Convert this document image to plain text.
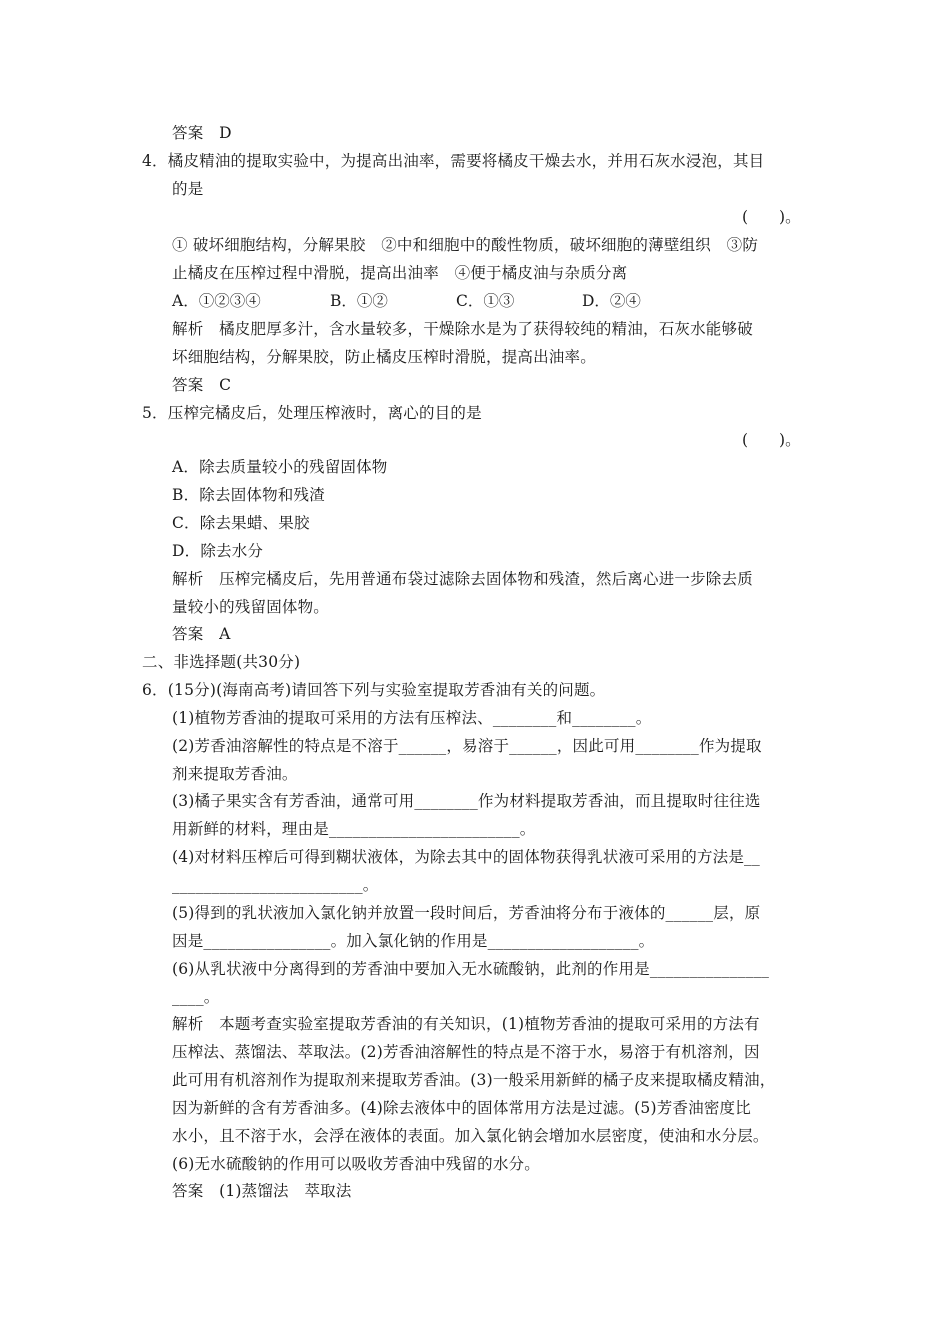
答案　D
4．橘皮精油的提取实验中，为提高出油率，需要将橘皮干燥去水，并用石灰水浸泡，其目
的是
(　　)。
① 破坏细胞结构，分解果胶　②中和细胞中的酸性物质，破坏细胞的薄壁组织　③防
止橘皮在压榨过程中滑脱，提高出油率　④便于橘皮油与杂质分离
A．①②③④	B．①②	C．①③	D．②④
解析　橘皮肥厚多汁，含水量较多，干燥除水是为了获得较纯的精油，石灰水能够破
坏细胞结构，分解果胶，防止橘皮压榨时滑脱，提高出油率。
答案　C
5．压榨完橘皮后，处理压榨液时，离心的目的是
(　　)。
A．除去质量较小的残留固体物
B．除去固体物和残渣
C．除去果蜡、果胶
D．除去水分
解析　压榨完橘皮后，先用普通布袋过滤除去固体物和残渣，然后离心进一步除去质
量较小的残留固体物。
答案　A
二、非选择题(共30分)
6．(15分)(海南高考)请回答下列与实验室提取芳香油有关的问题。
(1)植物芳香油的提取可采用的方法有压榨法、________和________。
(2)芳香油溶解性的特点是不溶于______，易溶于______，因此可用________作为提取
剂来提取芳香油。
(3)橘子果实含有芳香油，通常可用________作为材料提取芳香油，而且提取时往往选
用新鲜的材料，理由是________________________。
(4)对材料压榨后可得到糊状液体，为除去其中的固体物获得乳状液可采用的方法是__
________________________。
(5)得到的乳状液加入氯化钠并放置一段时间后，芳香油将分布于液体的______层，原
因是________________。加入氯化钠的作用是___________________。
(6)从乳状液中分离得到的芳香油中要加入无水硫酸钠，此剂的作用是_______________
____。
解析　本题考查实验室提取芳香油的有关知识，(1)植物芳香油的提取可采用的方法有
压榨法、蒸馏法、萃取法。(2)芳香油溶解性的特点是不溶于水，易溶于有机溶剂，因
此可用有机溶剂作为提取剂来提取芳香油。(3)一般采用新鲜的橘子皮来提取橘皮精油，
因为新鲜的含有芳香油多。(4)除去液体中的固体常用方法是过滤。(5)芳香油密度比
水小，且不溶于水，会浮在液体的表面。加入氯化钠会增加水层密度，使油和水分层。
(6)无水硫酸钠的作用可以吸收芳香油中残留的水分。
答案　(1)蒸馏法　萃取法
